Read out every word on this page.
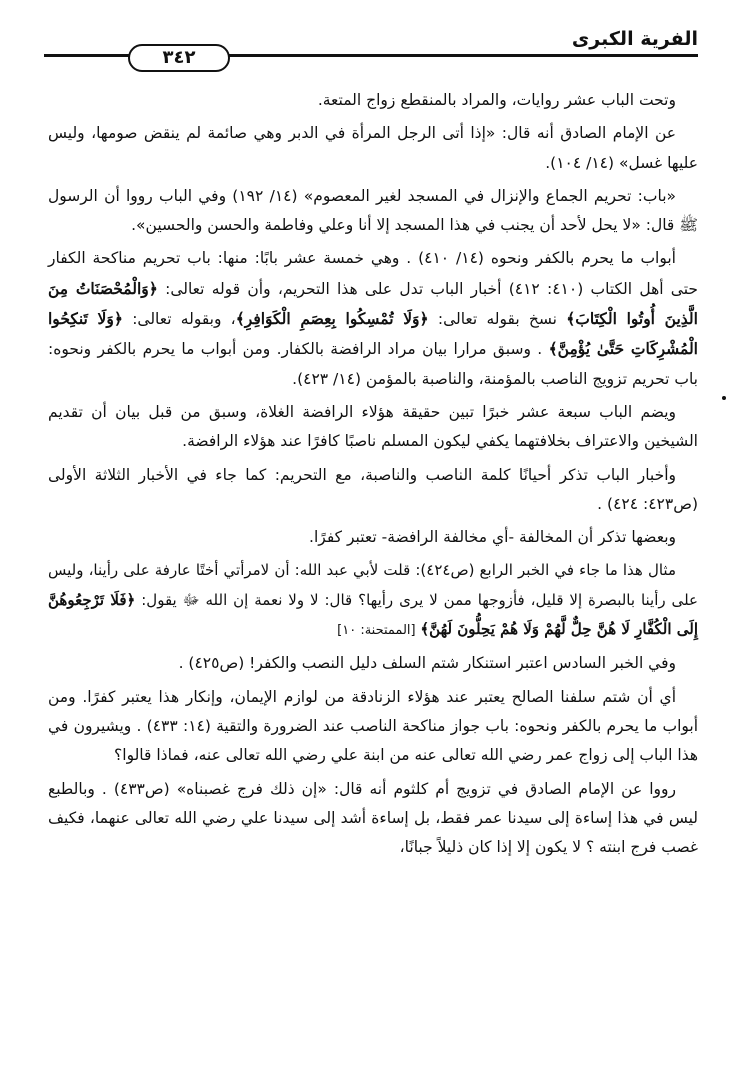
الفرية الكبرى
٣٤٢

وتحت الباب عشر روايات، والمراد بالمنقطع زواج المتعة.

عن الإمام الصادق أنه قال: «إذا أتى الرجل المرأة في الدبر وهي صائمة لم ينقض صومها، وليس عليها غسل» (١٤/ ١٠٤).

«باب: تحريم الجماع والإنزال في المسجد لغير المعصوم» (١٤/ ١٩٢) وفي الباب رووا أن الرسول ﷺ قال: «لا يحل لأحد أن يجنب في هذا المسجد إلا أنا وعلي وفاطمة والحسن والحسين».

أبواب ما يحرم بالكفر ونحوه (١٤/ ٤١٠) . وهي خمسة عشر بابًا: منها: باب تحريم مناكحة الكفار حتى أهل الكتاب (٤١٠: ٤١٢) أخبار الباب تدل على هذا التحريم، وأن قوله تعالى: ﴿وَالْمُحْصَنَاتُ مِنَ الَّذِينَ أُوتُوا الْكِتَابَ﴾ نسخ بقوله تعالى: ﴿وَلَا تُمْسِكُوا بِعِصَمِ الْكَوَافِرِ﴾، وبقوله تعالى: ﴿وَلَا تَنكِحُوا الْمُشْرِكَاتِ حَتَّىٰ يُؤْمِنَّ﴾ . وسبق مرارا بيان مراد الرافضة بالكفار. ومن أبواب ما يحرم بالكفر ونحوه: باب تحريم تزويج الناصب بالمؤمنة، والناصبة بالمؤمن (١٤/ ٤٢٣).

ويضم الباب سبعة عشر خبرًا تبين حقيقة هؤلاء الرافضة الغلاة، وسبق من قبل بيان أن تقديم الشيخين والاعتراف بخلافتهما يكفي ليكون المسلم ناصبًا كافرًا عند هؤلاء الرافضة.

وأخبار الباب تذكر أحيانًا كلمة الناصب والناصبة، مع التحريم: كما جاء في الأخبار الثلاثة الأولى (ص٤٢٣: ٤٢٤) .

وبعضها تذكر أن المخالفة -أي مخالفة الرافضة- تعتبر كفرًا.

مثال هذا ما جاء في الخبر الرابع (ص٤٢٤): قلت لأبي عبد الله: أن لامرأتي أختًا عارفة على رأينا، وليس على رأينا بالبصرة إلا قليل، فأزوجها ممن لا يرى رأيها؟ قال: لا ولا نعمة إن الله ﷻ يقول: ﴿فَلَا تَرْجِعُوهُنَّ إِلَى الْكُفَّارِ لَا هُنَّ حِلٌّ لَّهُمْ وَلَا هُمْ يَحِلُّونَ لَهُنَّ﴾ [الممتحنة: ١٠]

وفي الخبر السادس اعتبر استنكار شتم السلف دليل النصب والكفر! (ص٤٢٥) .

أي أن شتم سلفنا الصالح يعتبر عند هؤلاء الزنادقة من لوازم الإيمان، وإنكار هذا يعتبر كفرًا. ومن أبواب ما يحرم بالكفر ونحوه: باب جواز مناكحة الناصب عند الضرورة والتقية (١٤: ٤٣٣) . ويشيرون في هذا الباب إلى زواج عمر رضي الله تعالى عنه من ابنة علي رضي الله تعالى عنه، فماذا قالوا؟

رووا عن الإمام الصادق في تزويج أم كلثوم أنه قال: «إن ذلك فرج غصبناه» (ص٤٣٣) . وبالطبع ليس في هذا إساءة إلى سيدنا عمر فقط، بل إساءة أشد إلى سيدنا علي رضي الله تعالى عنهما، فكيف غصب فرج ابنته ؟ لا يكون إلا إذا كان ذليلاً جبانًا،
